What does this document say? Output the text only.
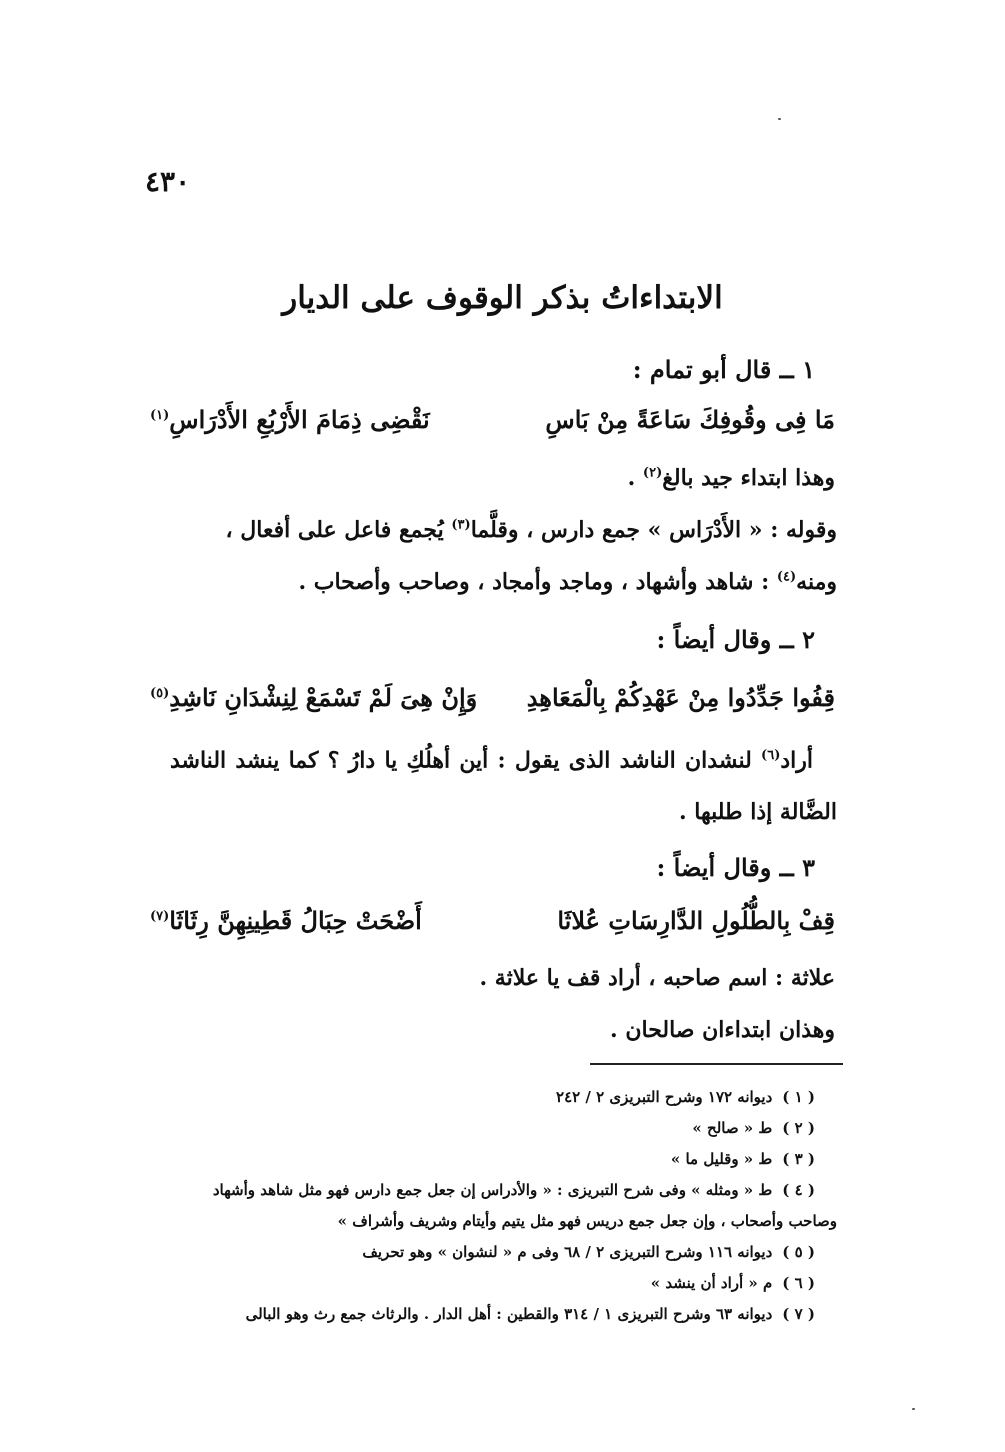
٤٣٠
الابتداءاتُ بذكر الوقوف على الديار
١ ــ قال أبو تمام :
مَا فِى وقُوفِكَ سَاعَةً مِنْ بَاسِ
نَقْضِى ذِمَامَ الأَرْبُعِ الأَدْرَاسِ$^{(١)}$
وهذا ابتداء جيد بالغ$^{(٢)}$ .
وقوله : « الأَدْرَاس » جمع دارس ، وقلَّما$^{(٣)}$ يُجمع فاعل على أفعال ،
ومنه$^{(٤)}$ : شاهد وأشهاد ، وماجد وأمجاد ، وصاحب وأصحاب .
٢ ــ وقال أيضاً :
قِفُوا جَدِّدُوا مِنْ عَهْدِكُمْ بِالْمَعَاهِدِ
وَإِنْ هِىَ لَمْ تَسْمَعْ لِنِشْدَانِ نَاشِدِ$^{(٥)}$
أراد$^{(٦)}$ لنشدان الناشد الذى يقول : أين أهلُكِ يا دارُ ؟ كما ينشد الناشد الضَّالة إذا طلبها .
٣ ــ وقال أيضاً :
قِفْ بِالطُّلُولِ الدَّارِسَاتِ عُلاثَا
أَضْحَتْ حِبَالُ قَطِينِهِنَّ رِثَاثَا$^{(٧)}$
علاثة : اسم صاحبه ، أراد قف يا علاثة .
وهذان ابتداءان صالحان .
( ١ )ديوانه ١٧٢ وشرح التبريزى ٢ / ٢٤٢
( ٢ )ط « صالح »
( ٣ )ط « وقليل ما »
( ٤ )ط « ومثله » وفى شرح التبريزى : « والأدراس إن جعل جمع دارس فهو مثل شاهد وأشهاد
وصاحب وأصحاب ، وإن جعل جمع دريس فهو مثل يتيم وأيتام وشريف وأشراف »
( ٥ )ديوانه ١١٦ وشرح التبريزى ٢ / ٦٨ وفى م « لنشوان » وهو تحريف
( ٦ )م « أراد أن ينشد »
( ٧ )ديوانه ٦٣ وشرح التبريزى ١ / ٣١٤ والقطين : أهل الدار . والرثاث جمع رث وهو البالى
